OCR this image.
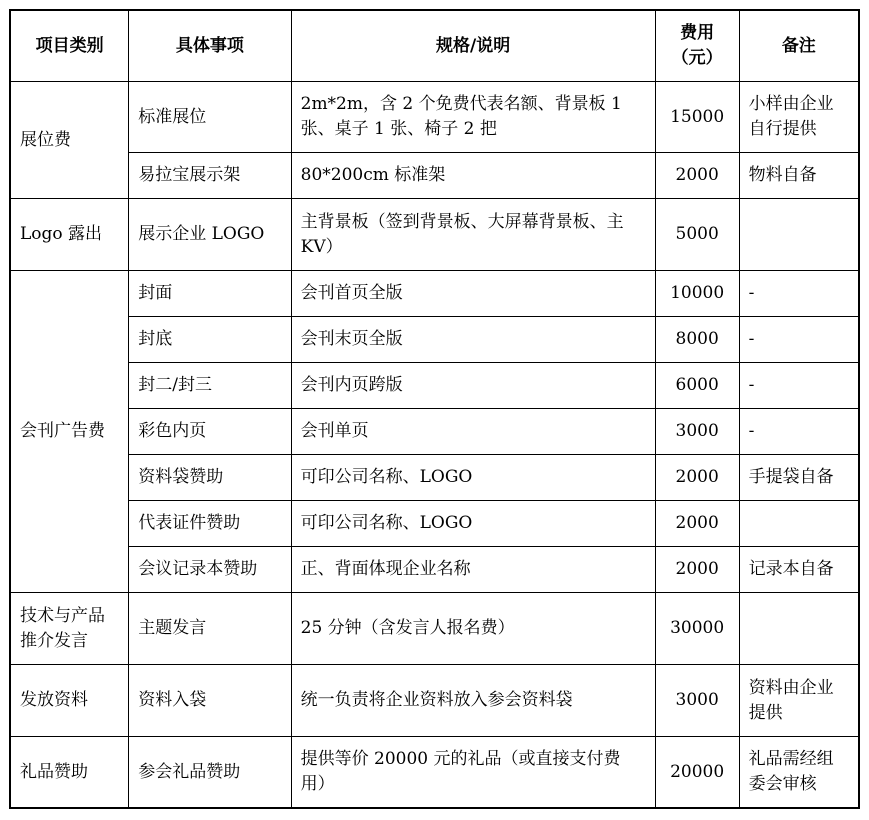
项目类别	具体事项	规格/说明	费用（元）	备注
展位费	标准展位	2m*2m，含 2 个免费代表名额、背景板 1 张、桌子 1 张、椅子 2 把	15000	小样由企业自行提供
	易拉宝展示架	80*200cm 标准架	2000	物料自备
Logo 露出	展示企业 LOGO	主背景板（签到背景板、大屏幕背景板、主 KV）	5000	
会刊广告费	封面	会刊首页全版	10000	-
	封底	会刊末页全版	8000	-
	封二/封三	会刊内页跨版	6000	-
	彩色内页	会刊单页	3000	-
	资料袋赞助	可印公司名称、LOGO	2000	手提袋自备
	代表证件赞助	可印公司名称、LOGO	2000	
	会议记录本赞助	正、背面体现企业名称	2000	记录本自备
技术与产品推介发言	主题发言	25 分钟（含发言人报名费）	30000	
发放资料	资料入袋	统一负责将企业资料放入参会资料袋	3000	资料由企业提供
礼品赞助	参会礼品赞助	提供等价 20000 元的礼品（或直接支付费用）	20000	礼品需经组委会审核
